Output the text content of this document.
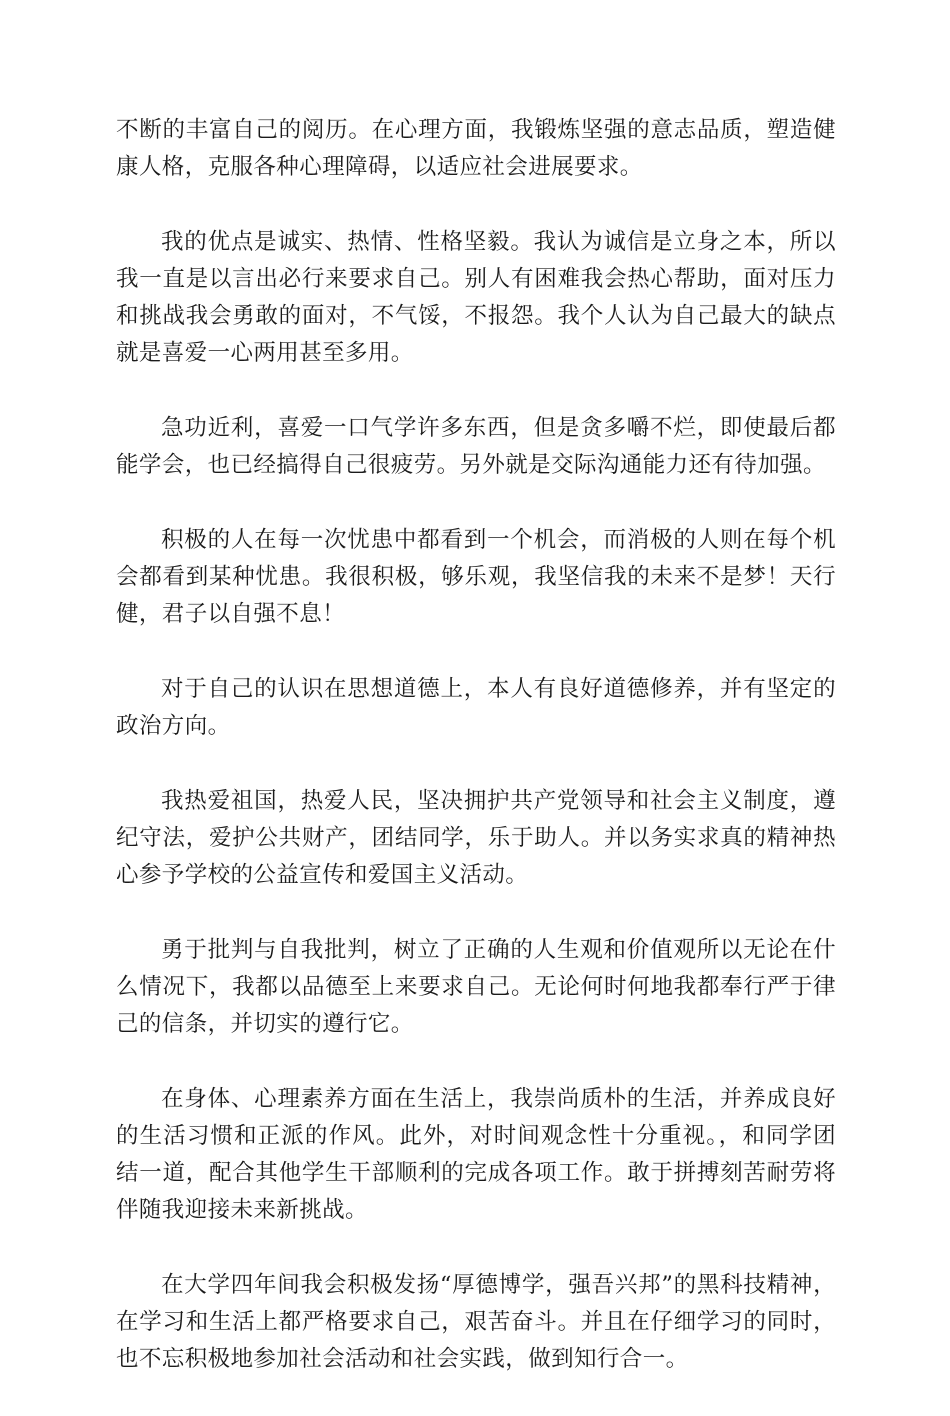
不断的丰富自己的阅历。在心理方面，我锻炼坚强的意志品质，塑造健康人格，克服各种心理障碍，以适应社会进展要求。

我的优点是诚实、热情、性格坚毅。我认为诚信是立身之本，所以我一直是以言出必行来要求自己。别人有困难我会热心帮助，面对压力和挑战我会勇敢的面对，不气馁，不报怨。我个人认为自己最大的缺点就是喜爱一心两用甚至多用。

急功近利，喜爱一口气学许多东西，但是贪多嚼不烂，即使最后都能学会，也已经搞得自己很疲劳。另外就是交际沟通能力还有待加强。

积极的人在每一次忧患中都看到一个机会，而消极的人则在每个机会都看到某种忧患。我很积极，够乐观，我坚信我的未来不是梦！天行健，君子以自强不息！

对于自己的认识在思想道德上，本人有良好道德修养，并有坚定的政治方向。

我热爱祖国，热爱人民，坚决拥护共产党领导和社会主义制度，遵纪守法，爱护公共财产，团结同学，乐于助人。并以务实求真的精神热心参予学校的公益宣传和爱国主义活动。

勇于批判与自我批判，树立了正确的人生观和价值观所以无论在什么情况下，我都以品德至上来要求自己。无论何时何地我都奉行严于律己的信条，并切实的遵行它。

在身体、心理素养方面在生活上，我崇尚质朴的生活，并养成良好的生活习惯和正派的作风。此外，对时间观念性十分重视。，和同学团结一道，配合其他学生干部顺利的完成各项工作。敢于拼搏刻苦耐劳将伴随我迎接未来新挑战。

在大学四年间我会积极发扬“厚德博学，强吾兴邦”的黑科技精神，在学习和生活上都严格要求自己，艰苦奋斗。并且在仔细学习的同时，也不忘积极地参加社会活动和社会实践，做到知行合一。
